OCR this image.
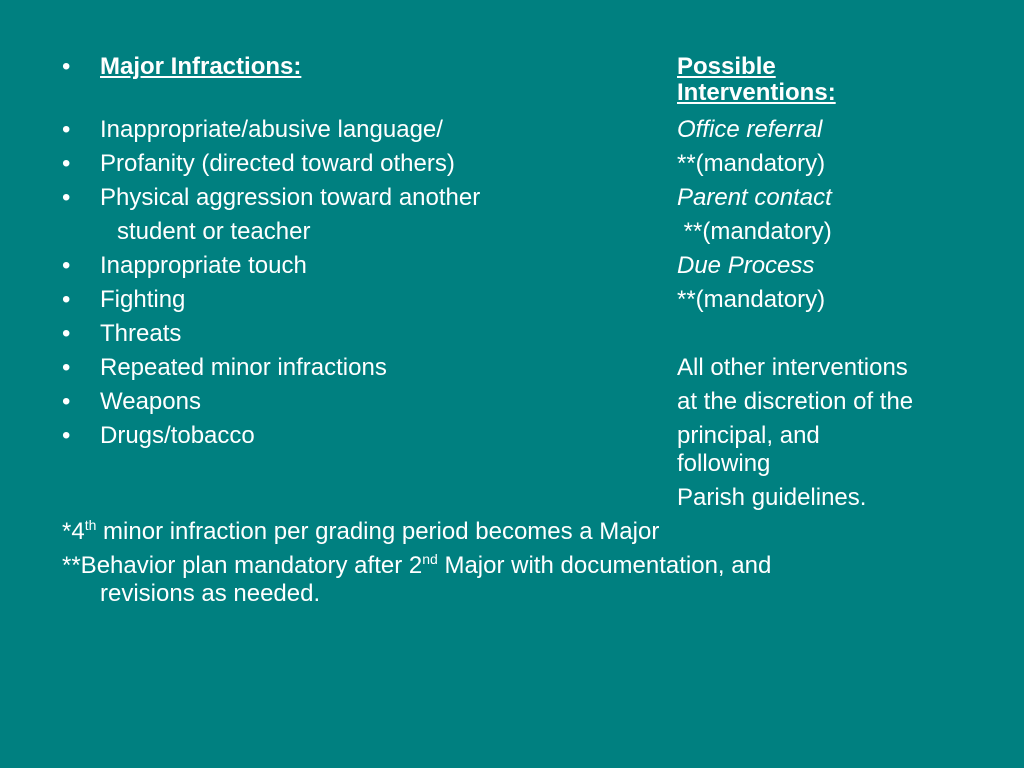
• Major Infractions:	Possible
Interventions:
• Inappropriate/abusive language/	Office referral
• Profanity (directed toward others)	**(mandatory)
• Physical aggression toward another	Parent contact
student or teacher	**(mandatory)
• Inappropriate touch	Due Process
• Fighting	**(mandatory)
• Threats
• Repeated minor infractions	All other interventions
• Weapons	at the discretion of the
• Drugs/tobacco	principal, and
following
Parish guidelines.
*4th minor infraction per grading period becomes a Major
**Behavior plan mandatory after 2nd Major with documentation, and
revisions as needed.
